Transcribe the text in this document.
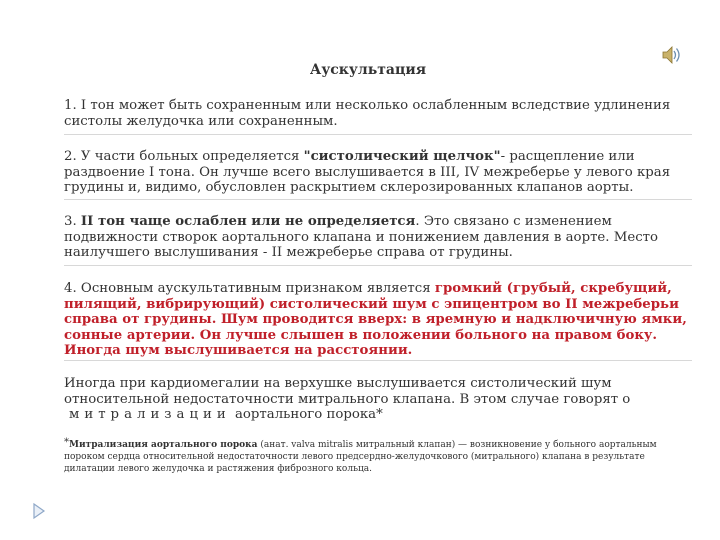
Аускультация

1. I тон может быть сохраненным или несколько ослабленным вследствие удлинения систолы желудочка или сохраненным.

2. У части больных определяется "систолический щелчок"- расщепление или раздвоение I тона. Он лучше всего выслушивается в III, IV межреберье у левого края грудины и, видимо, обусловлен раскрытием склерозированных клапанов аорты.

3. II тон чаще ослаблен или не определяется. Это связано с изменением подвижности створок аортального клапана и понижением давления в аорте. Место наилучшего выслушивания - II межреберье справа от грудины.

4. Основным аускультативным признаком является громкий (грубый, скребущий, пилящий, вибрирующий) систолический шум с эпицентром во II межреберьи справа от грудины. Шум проводится вверх: в яремную и надключичную ямки, сонные артерии. Он лучше слышен в положении больного на правом боку. Иногда шум выслушивается на расстоянии.

Иногда при кардиомегалии на верхушке выслушивается систолический шум относительной недостаточности митрального клапана. В этом случае говорят о
митрализации аортального порока*

*Митрализация аортального порока (анат. valva mitralis митральный клапан) — возникновение у больного аортальным пороком сердца относительной недостаточности левого предсердно-желудочкового (митрального) клапана в результате дилатации левого желудочка и растяжения фиброзного кольца.
